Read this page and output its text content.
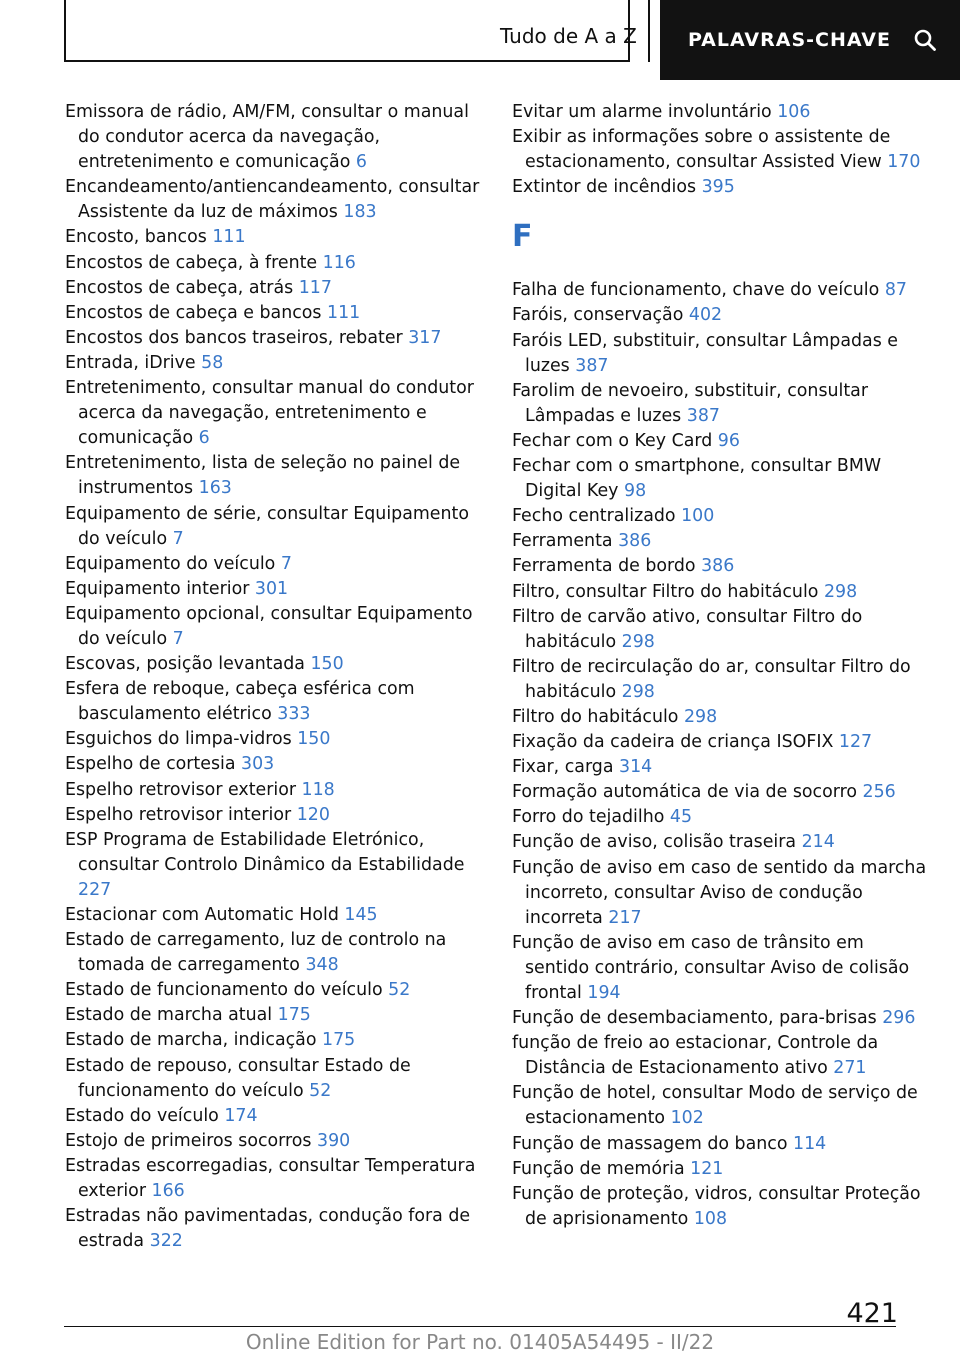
Tudo de A a Z	PALAVRAS-CHAVE
Emissora de rádio, AM/FM, consultar o manual do condutor acerca da navegação, entretenimento e comunicação 6
Encandeamento/antiencandeamento, consultar Assistente da luz de máximos 183
Encosto, bancos 111
Encostos de cabeça, à frente 116
Encostos de cabeça, atrás 117
Encostos de cabeça e bancos 111
Encostos dos bancos traseiros, rebater 317
Entrada, iDrive 58
Entretenimento, consultar manual do condutor acerca da navegação, entretenimento e comunicação 6
Entretenimento, lista de seleção no painel de instrumentos 163
Equipamento de série, consultar Equipamento do veículo 7
Equipamento do veículo 7
Equipamento interior 301
Equipamento opcional, consultar Equipamento do veículo 7
Escovas, posição levantada 150
Esfera de reboque, cabeça esférica com basculamento elétrico 333
Esguichos do limpa-vidros 150
Espelho de cortesia 303
Espelho retrovisor exterior 118
Espelho retrovisor interior 120
ESP Programa de Estabilidade Eletrónico, consultar Controlo Dinâmico da Estabilidade 227
Estacionar com Automatic Hold 145
Estado de carregamento, luz de controlo na tomada de carregamento 348
Estado de funcionamento do veículo 52
Estado de marcha atual 175
Estado de marcha, indicação 175
Estado de repouso, consultar Estado de funcionamento do veículo 52
Estado do veículo 174
Estojo de primeiros socorros 390
Estradas escorregadias, consultar Temperatura exterior 166
Estradas não pavimentadas, condução fora de estrada 322
Evitar um alarme involuntário 106
Exibir as informações sobre o assistente de estacionamento, consultar Assisted View 170
Extintor de incêndios 395
F
Falha de funcionamento, chave do veículo 87
Faróis, conservação 402
Faróis LED, substituir, consultar Lâmpadas e luzes 387
Farolim de nevoeiro, substituir, consultar Lâmpadas e luzes 387
Fechar com o Key Card 96
Fechar com o smartphone, consultar BMW Digital Key 98
Fecho centralizado 100
Ferramenta 386
Ferramenta de bordo 386
Filtro, consultar Filtro do habitáculo 298
Filtro de carvão ativo, consultar Filtro do habitáculo 298
Filtro de recirculação do ar, consultar Filtro do habitáculo 298
Filtro do habitáculo 298
Fixação da cadeira de criança ISOFIX 127
Fixar, carga 314
Formação automática de via de socorro 256
Forro do tejadilho 45
Função de aviso, colisão traseira 214
Função de aviso em caso de sentido da marcha incorreto, consultar Aviso de condução incorreta 217
Função de aviso em caso de trânsito em sentido contrário, consultar Aviso de colisão frontal 194
Função de desembaciamento, para-brisas 296
função de freio ao estacionar, Controle da Distância de Estacionamento ativo 271
Função de hotel, consultar Modo de serviço de estacionamento 102
Função de massagem do banco 114
Função de memória 121
Função de proteção, vidros, consultar Proteção de aprisionamento 108
421
Online Edition for Part no. 01405A54495 - II/22
